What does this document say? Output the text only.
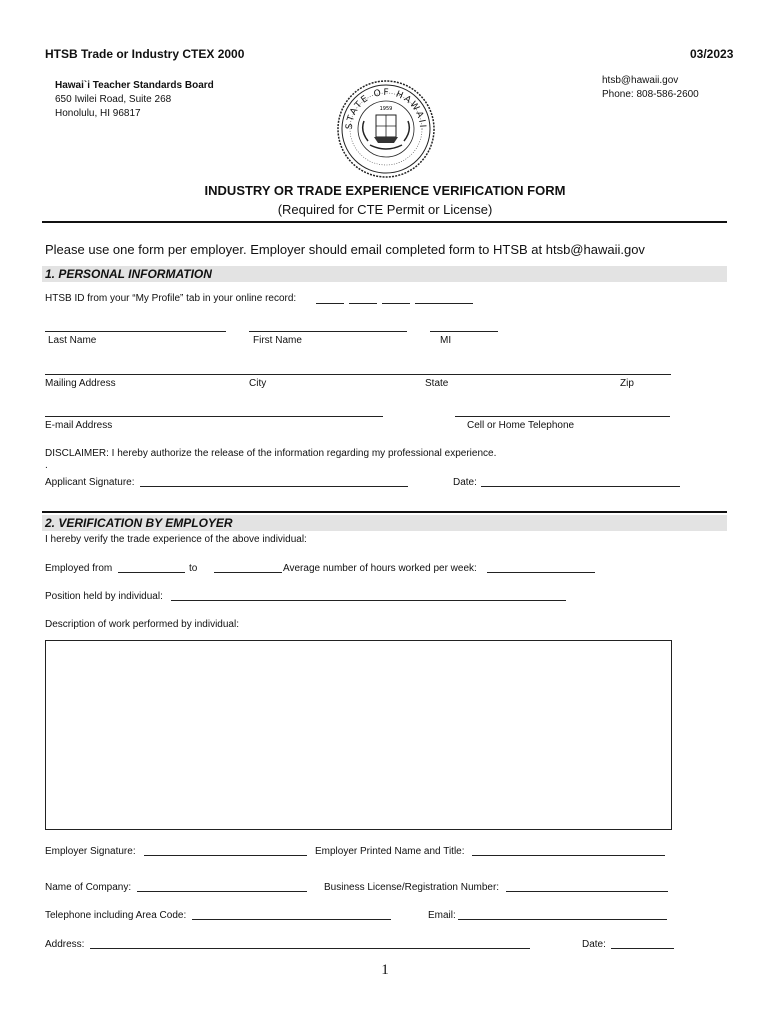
HTSB Trade or Industry CTEX 2000	03/2023
Hawai`i Teacher Standards Board
650 Iwilei Road, Suite 268
Honolulu, HI 96817
htsb@hawaii.gov
Phone: 808-586-2600
STATE OF HAWAII
1959
INDUSTRY OR TRADE EXPERIENCE VERIFICATION FORM
(Required for CTE Permit or License)
Please use one form per employer. Employer should email completed form to HTSB at htsb@hawaii.gov
1. PERSONAL INFORMATION
HTSB ID from your “My Profile” tab in your online record:
Last Name	First Name	MI
Mailing Address	City	State	Zip
E-mail Address	Cell or Home Telephone
DISCLAIMER: I hereby authorize the release of the information regarding my professional experience.
.
Applicant Signature:	Date:
2. VERIFICATION BY EMPLOYER
I hereby verify the trade experience of the above individual:
Employed from	to	Average number of hours worked per week:
Position held by individual:
Description of work performed by individual:
Employer Signature:	Employer Printed Name and Title:
Name of Company:	Business License/Registration Number:
Telephone including Area Code:	Email:
Address:	Date:
1
